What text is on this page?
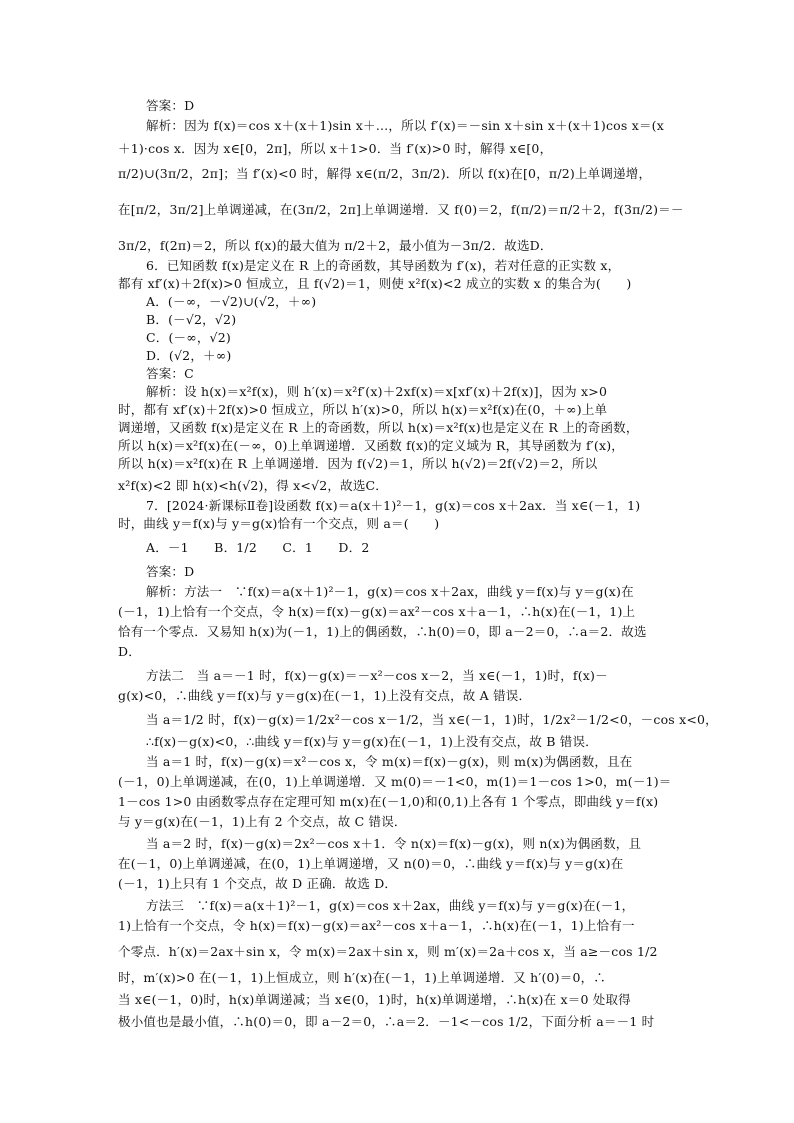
答案：D
解析：因为 f(x)＝cos x＋(x＋1)sin x＋…，所以 f′(x)＝－sin x＋sin x＋(x＋1)cos x＝(x
＋1)·cos x．因为 x∈[0，2π]，所以 x＋1>0．当 f′(x)>0 时，解得 x∈[0，
π/2)∪(3π/2，2π]；当 f′(x)<0 时，解得 x∈(π/2，3π/2)．所以 f(x)在[0，π/2)上单调递增，
在[π/2，3π/2]上单调递减，在(3π/2，2π]上单调递增．又 f(0)＝2，f(π/2)＝π/2＋2，f(3π/2)＝－
3π/2，f(2π)＝2，所以 f(x)的最大值为 π/2＋2，最小值为－3π/2．故选D．
6．已知函数 f(x)是定义在 R 上的奇函数，其导函数为 f′(x)，若对任意的正实数 x，
都有 xf′(x)＋2f(x)>0 恒成立，且 f(√2)＝1，则使 x²f(x)<2 成立的实数 x 的集合为(　　)
A．(－∞，－√2)∪(√2，＋∞)
B．(－√2，√2)
C．(－∞，√2)
D．(√2，＋∞)
答案：C
解析：设 h(x)＝x²f(x)，则 h′(x)＝x²f′(x)＋2xf(x)＝x[xf′(x)＋2f(x)]，因为 x>0
时，都有 xf′(x)＋2f(x)>0 恒成立，所以 h′(x)>0，所以 h(x)＝x²f(x)在(0，＋∞)上单
调递增，又函数 f(x)是定义在 R 上的奇函数，所以 h(x)＝x²f(x)也是定义在 R 上的奇函数，
所以 h(x)＝x²f(x)在(－∞，0)上单调递增．又函数 f(x)的定义域为 R，其导函数为 f′(x)，
所以 h(x)＝x²f(x)在 R 上单调递增．因为 f(√2)＝1，所以 h(√2)＝2f(√2)＝2，所以
x²f(x)<2 即 h(x)<h(√2)，得 x<√2，故选C．
7．[2024·新课标Ⅱ卷]设函数 f(x)＝a(x＋1)²－1，g(x)＝cos x＋2ax．当 x∈(－1，1)
时，曲线 y＝f(x)与 y＝g(x)恰有一个交点，则 a＝(　　)
A．－1　　B．1/2　　C．1　　D．2
答案：D
解析：方法一　∵f(x)＝a(x＋1)²－1，g(x)＝cos x＋2ax，曲线 y＝f(x)与 y＝g(x)在
(－1，1)上恰有一个交点，令 h(x)＝f(x)－g(x)＝ax²－cos x＋a－1，∴h(x)在(－1，1)上
恰有一个零点．又易知 h(x)为(－1，1)上的偶函数，∴h(0)＝0，即 a－2＝0，∴a＝2．故选
D．
方法二　当 a＝－1 时，f(x)－g(x)＝－x²－cos x－2，当 x∈(－1，1)时，f(x)－
g(x)<0，∴曲线 y＝f(x)与 y＝g(x)在(－1，1)上没有交点，故 A 错误．
当 a＝1/2 时，f(x)－g(x)＝1/2x²－cos x－1/2，当 x∈(－1，1)时，1/2x²－1/2<0，－cos x<0，
∴f(x)－g(x)<0，∴曲线 y＝f(x)与 y＝g(x)在(－1，1)上没有交点，故 B 错误．
当 a＝1 时，f(x)－g(x)＝x²－cos x，令 m(x)＝f(x)－g(x)，则 m(x)为偶函数，且在
(－1，0)上单调递减，在(0，1)上单调递增．又 m(0)＝－1<0，m(1)＝1－cos 1>0，m(－1)＝
1－cos 1>0 由函数零点存在定理可知 m(x)在(－1,0)和(0,1)上各有 1 个零点，即曲线 y＝f(x)
与 y＝g(x)在(－1，1)上有 2 个交点，故 C 错误．
当 a＝2 时，f(x)－g(x)＝2x²－cos x＋1．令 n(x)＝f(x)－g(x)，则 n(x)为偶函数，且
在(－1，0)上单调递减，在(0，1)上单调递增，又 n(0)＝0，∴曲线 y＝f(x)与 y＝g(x)在
(－1，1)上只有 1 个交点，故 D 正确．故选 D．
方法三　∵f(x)＝a(x＋1)²－1，g(x)＝cos x＋2ax，曲线 y＝f(x)与 y＝g(x)在(－1，
1)上恰有一个交点，令 h(x)＝f(x)－g(x)＝ax²－cos x＋a－1，∴h(x)在(－1，1)上恰有一
个零点．h′(x)＝2ax＋sin x，令 m(x)＝2ax＋sin x，则 m′(x)＝2a＋cos x，当 a≥－cos 1/2
时，m′(x)>0 在(－1，1)上恒成立，则 h′(x)在(－1，1)上单调递增．又 h′(0)＝0，∴
当 x∈(－1，0)时，h(x)单调递减；当 x∈(0，1)时，h(x)单调递增，∴h(x)在 x＝0 处取得
极小值也是最小值，∴h(0)＝0，即 a－2＝0，∴a＝2．－1<－cos 1/2，下面分析 a＝－1 时
